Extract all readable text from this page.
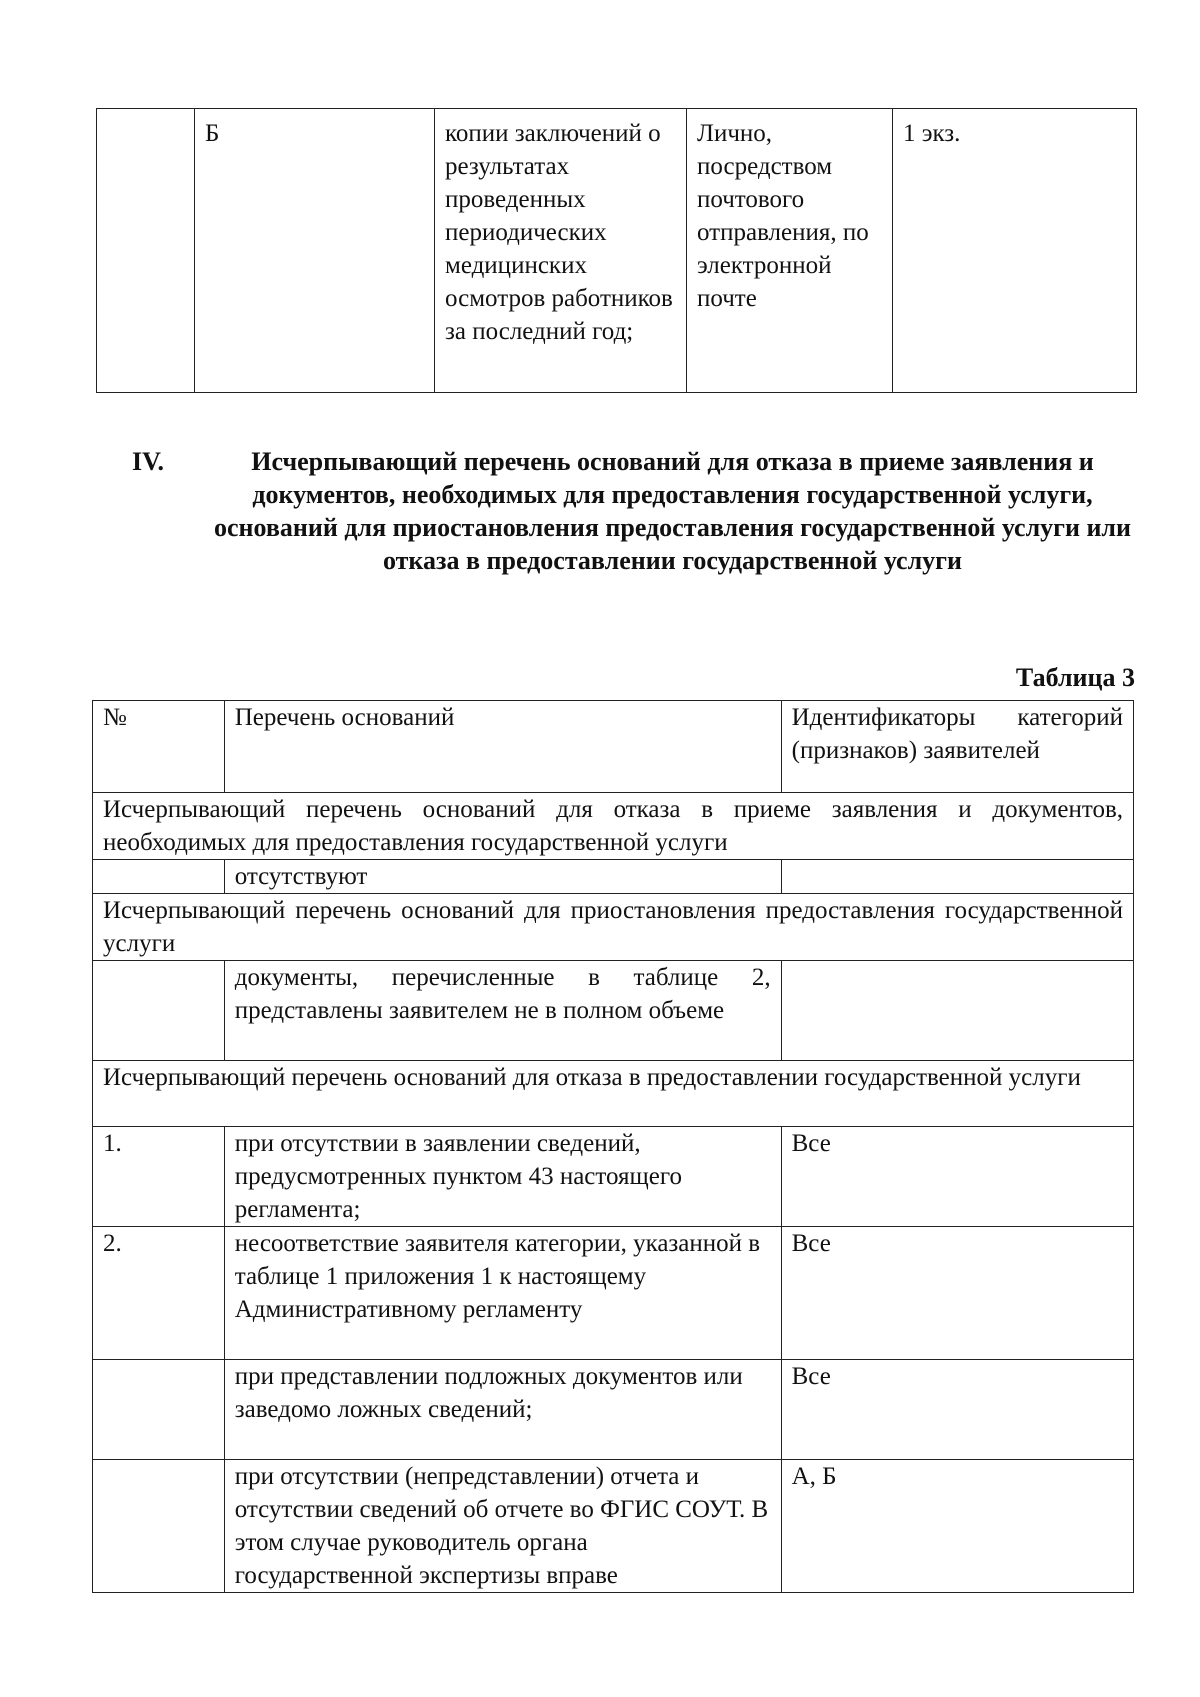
	Б	копии заключений о результатах проведенных периодических медицинских осмотров работников за последний год;	Лично, посредством почтового отправления, по электронной почте	1 экз.
IV.	Исчерпывающий перечень оснований для отказа в приеме заявления и документов, необходимых для предоставления государственной услуги, оснований для приостановления предоставления государственной услуги или отказа в предоставлении государственной услуги
Таблица 3
№	Перечень оснований	Идентификаторы категорий (признаков) заявителей
Исчерпывающий перечень оснований для отказа в приеме заявления и документов, необходимых для предоставления государственной услуги		
	отсутствуют	
Исчерпывающий перечень оснований для приостановления предоставления государственной услуги		
	документы, перечисленные в таблице 2, представлены заявителем не в полном объеме	
Исчерпывающий перечень оснований для отказа в предоставлении государственной услуги		
1.	при отсутствии в заявлении сведений, предусмотренных пунктом 43 настоящего регламента;	Все
2.	несоответствие заявителя категории, указанной в таблице 1 приложения 1 к настоящему Административному регламенту	Все
	при представлении подложных документов или заведомо ложных сведений;	Все
	при отсутствии (непредставлении) отчета и отсутствии сведений об отчете во ФГИС СОУТ. В этом случае руководитель органа государственной экспертизы вправе	А, Б
